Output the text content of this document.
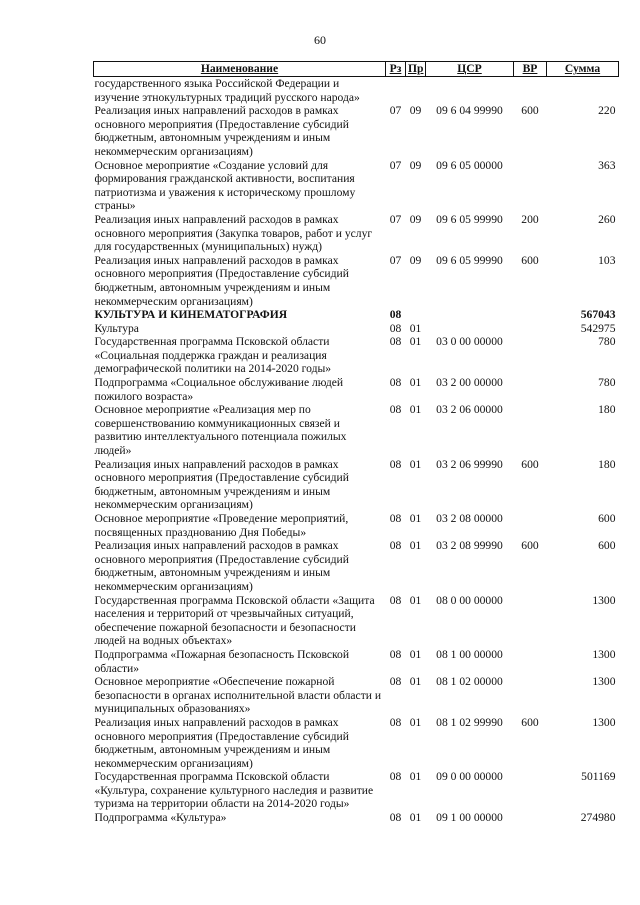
60
Наименование	Рз	Пр	ЦСР	ВР	Сумма
государственного языка Российской Федерации и изучение этнокультурных традиций русского народа»					
Реализация иных направлений расходов в рамках основного мероприятия (Предоставление субсидий бюджетным, автономным учреждениям и иным некоммерческим организациям)	07	09	09 6 04 99990	600	220
Основное мероприятие «Создание условий для формирования гражданской активности, воспитания патриотизма и уважения к историческому прошлому страны»	07	09	09 6 05 00000		363
Реализация иных направлений расходов в рамках основного мероприятия (Закупка товаров, работ и услуг для государственных (муниципальных) нужд)	07	09	09 6 05 99990	200	260
Реализация иных направлений расходов в рамках основного мероприятия (Предоставление субсидий бюджетным, автономным учреждениям и иным некоммерческим организациям)	07	09	09 6 05 99990	600	103
КУЛЬТУРА И КИНЕМАТОГРАФИЯ	08				567043
Культура	08	01			542975
Государственная программа Псковской области «Социальная поддержка граждан и реализация демографической политики на 2014-2020 годы»	08	01	03 0 00 00000		780
Подпрограмма «Социальное обслуживание людей пожилого возраста»	08	01	03 2 00 00000		780
Основное мероприятие «Реализация мер по совершенствованию коммуникационных связей и развитию интеллектуального потенциала пожилых людей»	08	01	03 2 06 00000		180
Реализация иных направлений расходов в рамках основного мероприятия (Предоставление субсидий бюджетным, автономным учреждениям и иным некоммерческим организациям)	08	01	03 2 06 99990	600	180
Основное мероприятие «Проведение мероприятий, посвященных празднованию Дня Победы»	08	01	03 2 08 00000		600
Реализация иных направлений расходов в рамках основного мероприятия (Предоставление субсидий бюджетным, автономным учреждениям и иным некоммерческим организациям)	08	01	03 2 08 99990	600	600
Государственная программа Псковской области «Защита населения и территорий от чрезвычайных ситуаций, обеспечение пожарной безопасности и безопасности людей на водных объектах»	08	01	08 0 00 00000		1300
Подпрограмма «Пожарная безопасность Псковской области»	08	01	08 1 00 00000		1300
Основное мероприятие «Обеспечение пожарной безопасности в органах исполнительной власти области и муниципальных образованиях»	08	01	08 1 02 00000		1300
Реализация иных направлений расходов в рамках основного мероприятия (Предоставление субсидий бюджетным, автономным учреждениям и иным некоммерческим организациям)	08	01	08 1 02 99990	600	1300
Государственная программа Псковской области «Культура, сохранение культурного наследия и развитие туризма на территории области на 2014-2020 годы»	08	01	09 0 00 00000		501169
Подпрограмма «Культура»	08	01	09 1 00 00000		274980
